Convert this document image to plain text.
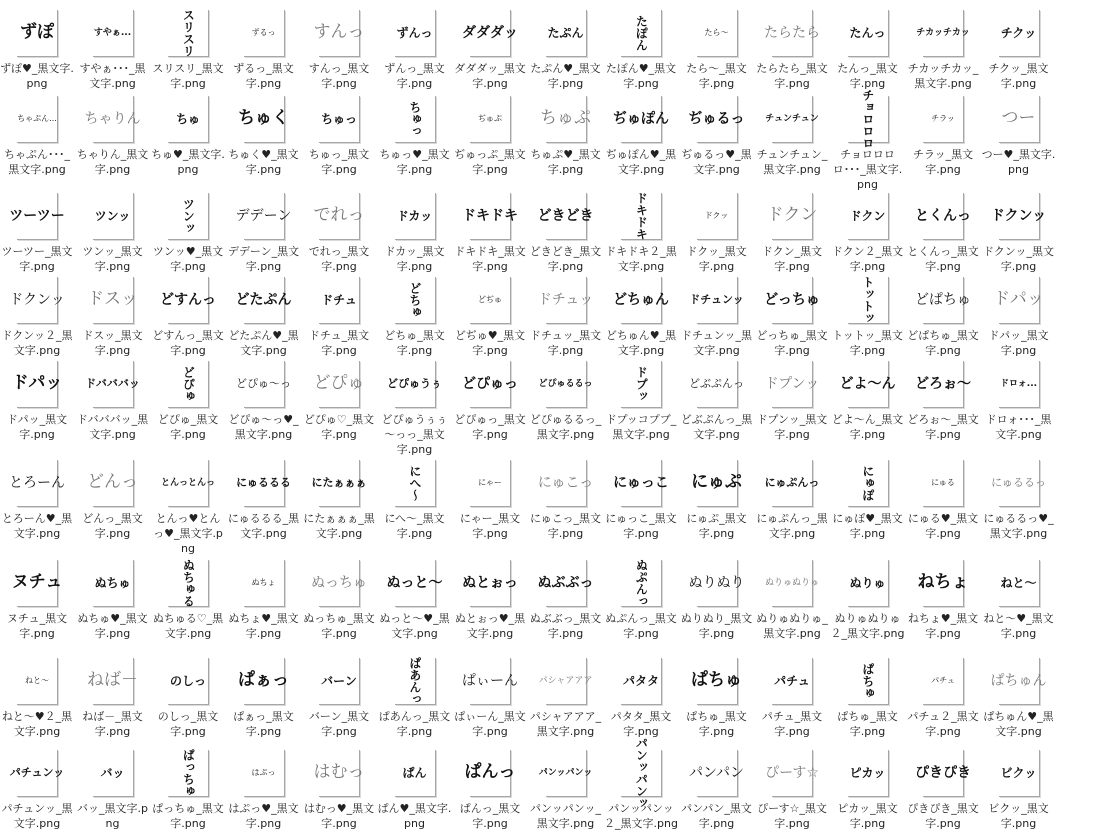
ずぽ
ずぽ♥_黒文字.png
すやぁ...
すやぁ･･･_黒文字.png
スリスリ
スリスリ_黒文字.png
ずるっ
ずるっ_黒文字.png
すんっ
すんっ_黒文字.png
ずんっ
ずんっ_黒文字.png
ダダダッ
ダダダッ_黒文字.png
たぷん
たぷん♥_黒文字.png
たぽん
たぽん♥_黒文字.png
たら～
たら～_黒文字.png
たらたら
たらたら_黒文字.png
たんっ
たんっ_黒文字.png
チカッチカッ
チカッチカッ_黒文字.png
チクッ
チクッ_黒文字.png
ちゃぷん...
ちゃぷん･･･_黒文字.png
ちゃりん
ちゃりん_黒文字.png
ちゅ
ちゅ♥_黒文字.png
ちゅく
ちゅく♥_黒文字.png
ちゅっ
ちゅっ_黒文字.png
ちゅっ
ちゅっ♥_黒文字.png
ぢゅぷ
ぢゅっぷ_黒文字.png
ちゅぷ
ちゅぷ♥_黒文字.png
ぢゅぽん
ぢゅぽん♥_黒文字.png
ぢゅるっ
ぢゅるっ♥_黒文字.png
チュンチュン
チュンチュン_黒文字.png
チョロロロ
チョロロロロ･･･_黒文字.png
チラッ
チラッ_黒文字.png
つー
つー♥_黒文字.png
ツーツー
ツーツー_黒文字.png
ツンッ
ツンッ_黒文字.png
ツンッ
ツンッ♥_黒文字.png
デデーン
デデーン_黒文字.png
でれっ
でれっ_黒文字.png
ドカッ
ドカッ_黒文字.png
ドキドキ
ドキドキ_黒文字.png
どきどき
どきどき_黒文字.png
ドキドキ
ドキドキ２_黒文字.png
ドクッ
ドクッ_黒文字.png
ドクン
ドクン_黒文字.png
ドクン
ドクン２_黒文字.png
とくんっ
とくんっ_黒文字.png
ドクンッ
ドクンッ_黒文字.png
ドクンッ
ドクンッ２_黒文字.png
ドスッ
ドスッ_黒文字.png
どすんっ
どすんっ_黒文字.png
どたぷん
どたぷん♥_黒文字.png
ドチュ
ドチュ_黒文字.png
どちゅ
どちゅ_黒文字.png
どぢゅ
どぢゅ♥_黒文字.png
ドチュッ
ドチュッ_黒文字.png
どちゅん
どちゅん♥_黒文字.png
ドチュンッ
ドチュンッ_黒文字.png
どっちゅ
どっちゅ_黒文字.png
トットッ
トットッ_黒文字.png
どぱちゅ
どぱちゅ_黒文字.png
ドパッ
ドパッ_黒文字.png
ドパッ
ドパッ_黒文字.png
ドバババッ
ドバババッ_黒文字.png
どぴゅ
どぴゅ_黒文字.png
どぴゅ～っ
どぴゅ～っ♥_黒文字.png
どぴゅ
どぴゅ♡_黒文字.png
どぴゅうぅ
どぴゅうぅぅ～っっ_黒文字.png
どぴゅっ
どぴゅっ_黒文字.png
どぴゅるるっ
どぴゅるるっ_黒文字.png
ドプッ
ドプッコプブ_黒文字.png
どぶぷんっ
どぶぷんっ_黒文字.png
ドプンッ
ドプンッ_黒文字.png
どよ～ん
どよ～ん_黒文字.png
どろぉ～
どろぉ～_黒文字.png
ドロォ...
ドロォ･･･_黒文字.png
とろーん
とろーん♥_黒文字.png
どんっ
どんっ_黒文字.png
とんっとんっ
とんっ♥とんっ♥_黒文字.png
にゅるるる
にゅるるる_黒文字.png
にたぁぁぁ
にたぁぁぁ_黒文字.png
にへ～
にへ～_黒文字.png
にゃー
にゃー_黒文字.png
にゅこっ
にゅこっ_黒文字.png
にゅっこ
にゅっこ_黒文字.png
にゅぷ
にゅぷ_黒文字.png
にゅぷんっ
にゅぷんっ_黒文字.png
にゅぽ
にゅぽ♥_黒文字.png
にゅる
にゅる♥_黒文字.png
にゅるるっ
にゅるるっ♥_黒文字.png
ヌチュ
ヌチュ_黒文字.png
ぬちゅ
ぬちゅ♥_黒文字.png
ぬちゅる
ぬちゅる♡_黒文字.png
ぬちょ
ぬちょ♥_黒文字.png
ぬっちゅ
ぬっちゅ_黒文字.png
ぬっと～
ぬっと～♥_黒文字.png
ぬとぉっ
ぬとぉっ♥_黒文字.png
ぬぶぶっ
ぬぶぶっ_黒文字.png
ぬぷんっ
ぬぷんっ_黒文字.png
ぬりぬり
ぬりぬり_黒文字.png
ぬりゅぬりゅ
ぬりゅぬりゅ_黒文字.png
ぬりゅ
ぬりゅぬりゅ２_黒文字.png
ねちょ
ねちょ♥_黒文字.png
ねと～
ねと～♥_黒文字.png
ねと～
ねと～♥２_黒文字.png
ねば－
ねば－_黒文字.png
のしっ
のしっ_黒文字.png
ぱぁっ
ぱぁっ_黒文字.png
バーン
バーン_黒文字.png
ぱあんっ
ぱあんっ_黒文字.png
ぱぃーん
ぱぃーん_黒文字.png
パシャアアア
パシャアアア_黒文字.png
パタタ
パタタ_黒文字.png
ぱちゅ
ぱちゅ_黒文字.png
パチュ
パチュ_黒文字.png
ぱちゅ
ぱちゅ_黒文字.png
パチュ
パチュ２_黒文字.png
ぱちゅん
ぱちゅん♥_黒文字.png
パチュンッ
パチュンッ_黒文字.png
バッ
バッ_黒文字.png
ぱっちゅ
ぱっちゅ_黒文字.png
はぷっ
はぷっ♥_黒文字.png
はむっ
はむっ♥_黒文字.png
ぱん
ぱん♥_黒文字.png
ぱんっ
ぱんっ_黒文字.png
パンッパンッ
パンッパンッ_黒文字.png
パンッパンッ
パンッパンッ２_黒文字.png
パンパン
パンパン_黒文字.png
ぴーす☆
ぴーす☆_黒文字.png
ピカッ
ピカッ_黒文字.png
ぴきぴき
ぴきぴき_黒文字.png
ビクッ
ビクッ_黒文字.png
